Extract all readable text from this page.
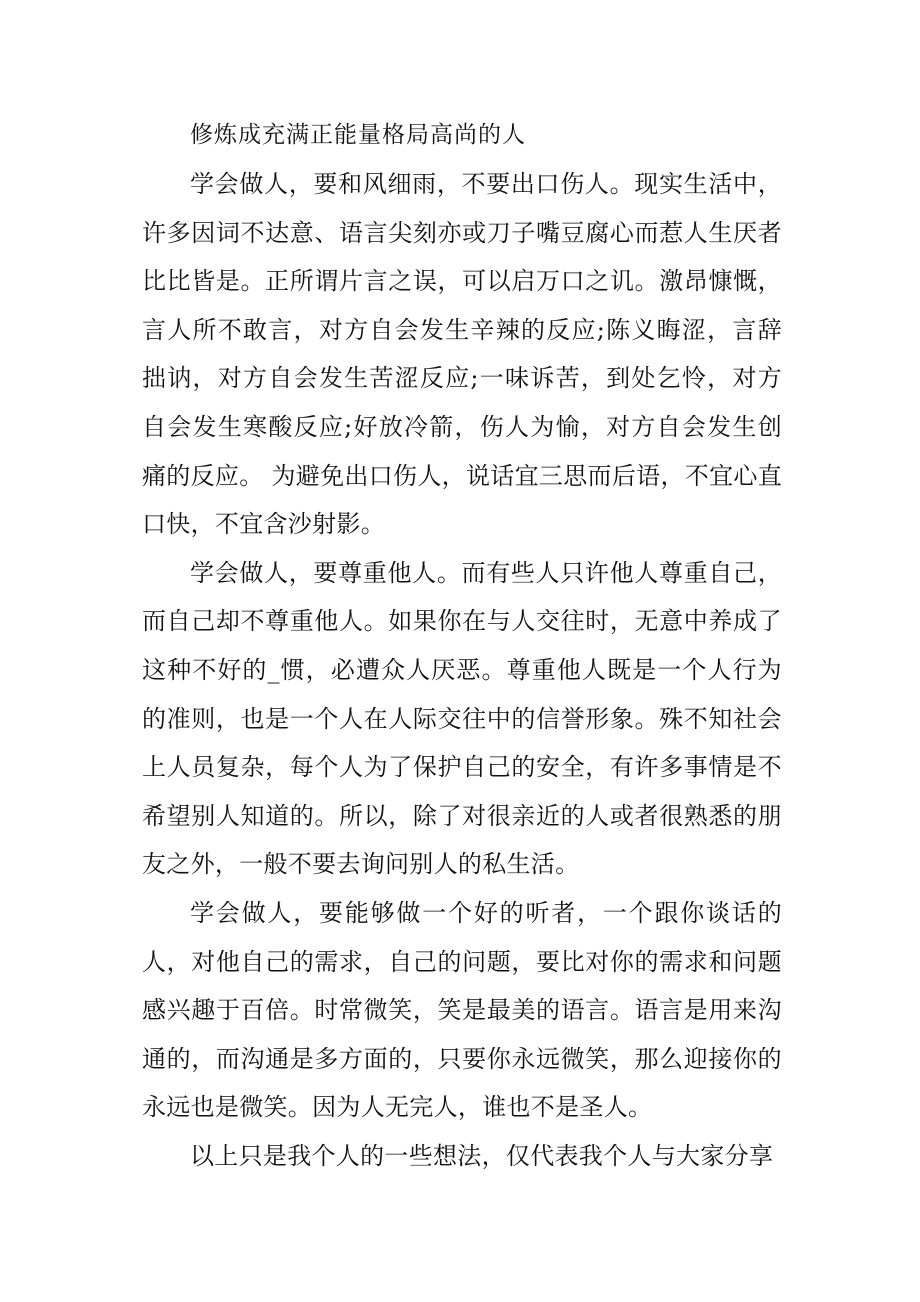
修炼成充满正能量格局高尚的人

学会做人，要和风细雨，不要出口伤人。现实生活中，许多因词不达意、语言尖刻亦或刀子嘴豆腐心而惹人生厌者比比皆是。正所谓片言之误，可以启万口之讥。激昂慷慨，言人所不敢言，对方自会发生辛辣的反应;陈义晦涩，言辞拙讷，对方自会发生苦涩反应;一味诉苦，到处乞怜，对方自会发生寒酸反应;好放冷箭，伤人为愉，对方自会发生创痛的反应。 为避免出口伤人，说话宜三思而后语，不宜心直口快，不宜含沙射影。

学会做人，要尊重他人。而有些人只许他人尊重自己，而自己却不尊重他人。如果你在与人交往时，无意中养成了这种不好的_惯，必遭众人厌恶。尊重他人既是一个人行为的准则，也是一个人在人际交往中的信誉形象。殊不知社会上人员复杂，每个人为了保护自己的安全，有许多事情是不希望别人知道的。所以，除了对很亲近的人或者很熟悉的朋友之外，一般不要去询问别人的私生活。

学会做人，要能够做一个好的听者，一个跟你谈话的人，对他自己的需求，自己的问题，要比对你的需求和问题感兴趣于百倍。时常微笑，笑是最美的语言。语言是用来沟通的，而沟通是多方面的，只要你永远微笑，那么迎接你的永远也是微笑。因为人无完人，谁也不是圣人。

以上只是我个人的一些想法，仅代表我个人与大家分享
